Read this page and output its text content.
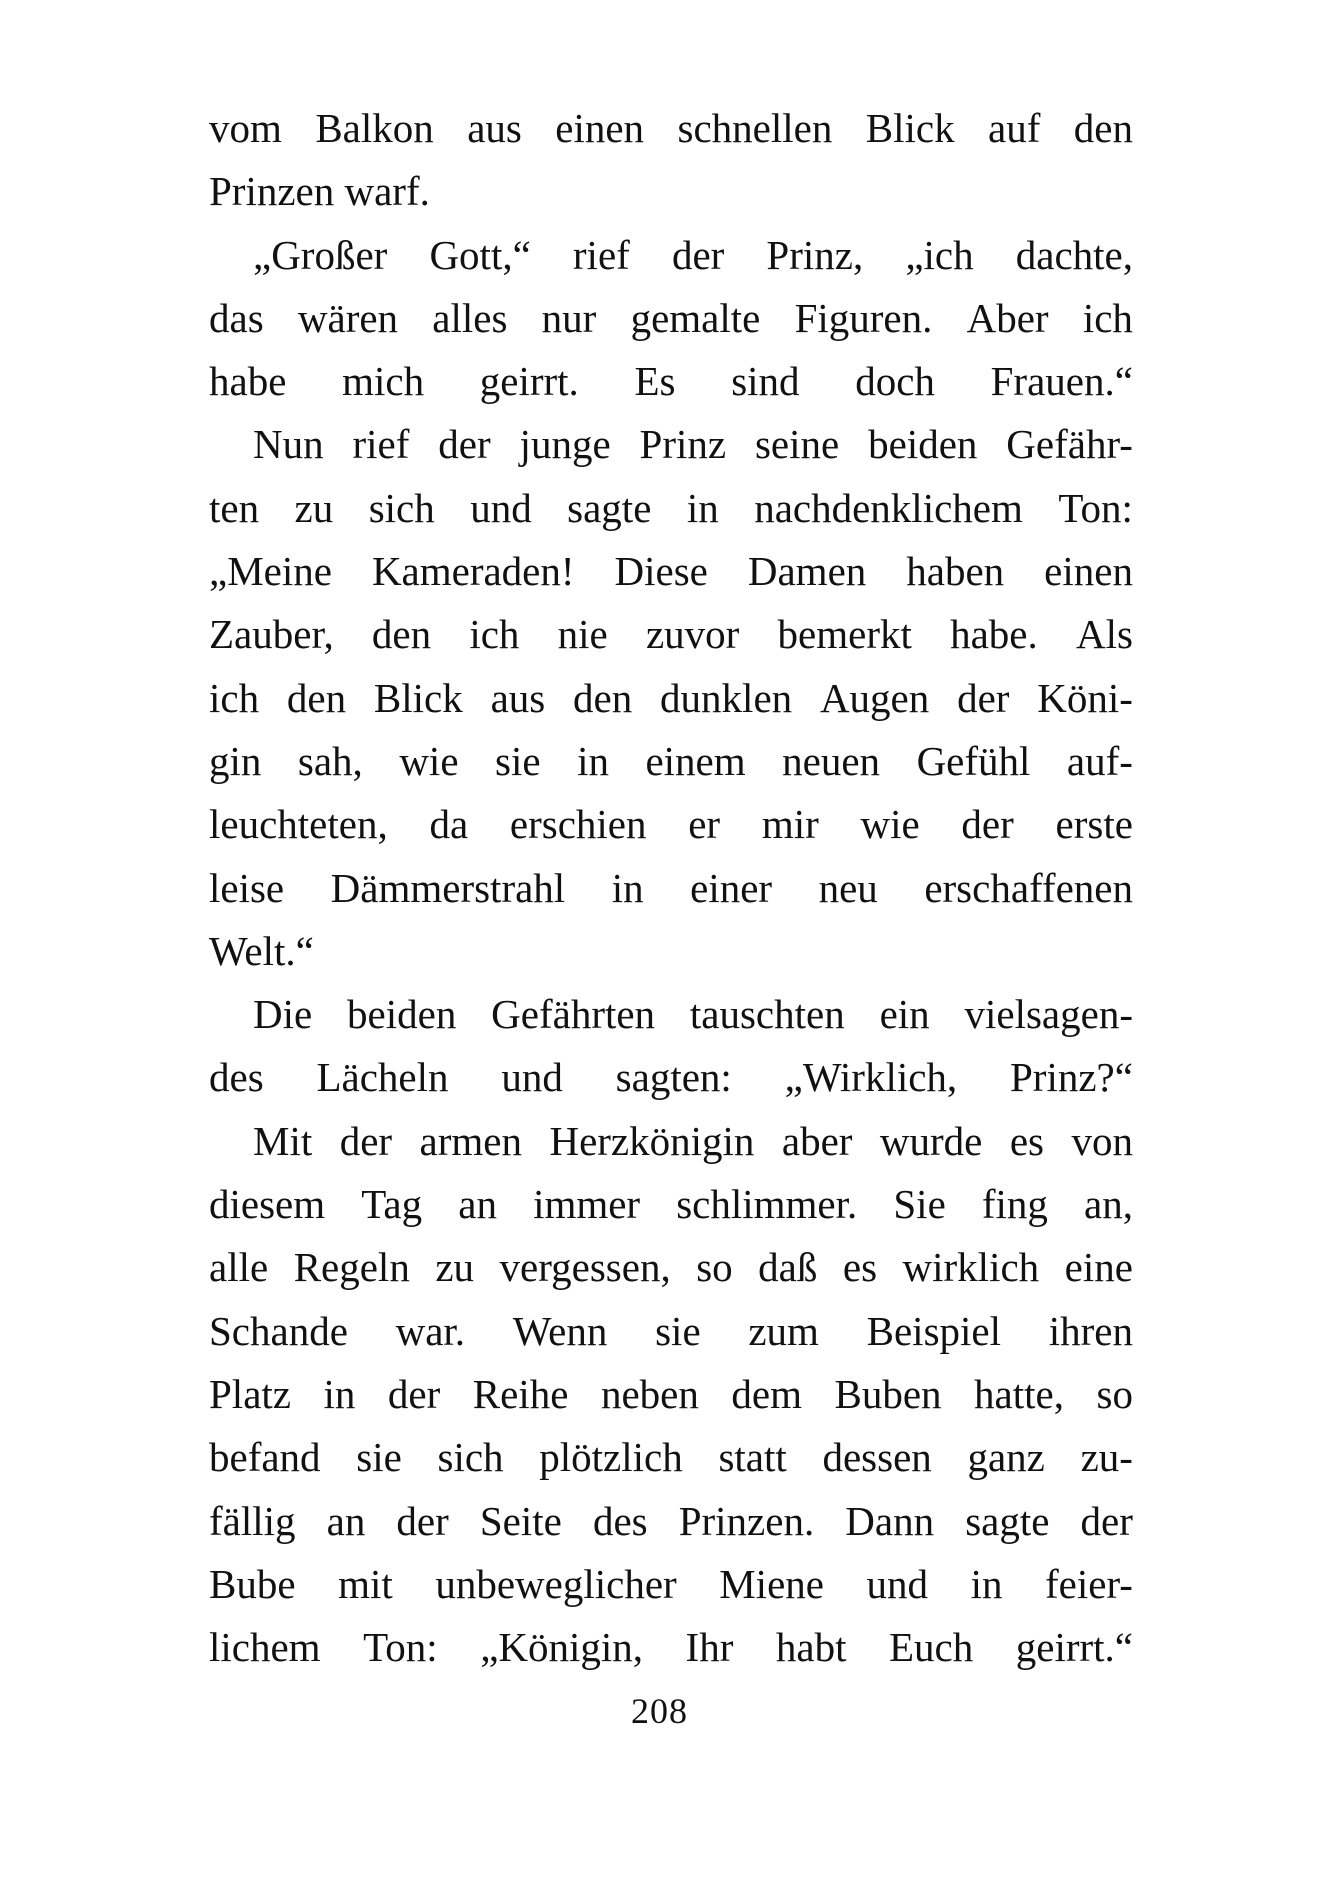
vom Balkon aus einen schnellen Blick auf den
Prinzen warf.
„Großer Gott,“ rief der Prinz, „ich dachte,
das wären alles nur gemalte Figuren. Aber ich
habe mich geirrt. Es sind doch Frauen.“
Nun rief der junge Prinz seine beiden Gefähr-
ten zu sich und sagte in nachdenklichem Ton:
„Meine Kameraden! Diese Damen haben einen
Zauber, den ich nie zuvor bemerkt habe. Als
ich den Blick aus den dunklen Augen der Köni-
gin sah, wie sie in einem neuen Gefühl auf-
leuchteten, da erschien er mir wie der erste
leise Dämmerstrahl in einer neu erschaffenen
Welt.“
Die beiden Gefährten tauschten ein vielsagen-
des Lächeln und sagten: „Wirklich, Prinz?“
Mit der armen Herzkönigin aber wurde es von
diesem Tag an immer schlimmer. Sie fing an,
alle Regeln zu vergessen, so daß es wirklich eine
Schande war. Wenn sie zum Beispiel ihren
Platz in der Reihe neben dem Buben hatte, so
befand sie sich plötzlich statt dessen ganz zu-
fällig an der Seite des Prinzen. Dann sagte der
Bube mit unbeweglicher Miene und in feier-
lichem Ton: „Königin, Ihr habt Euch geirrt.“
208
